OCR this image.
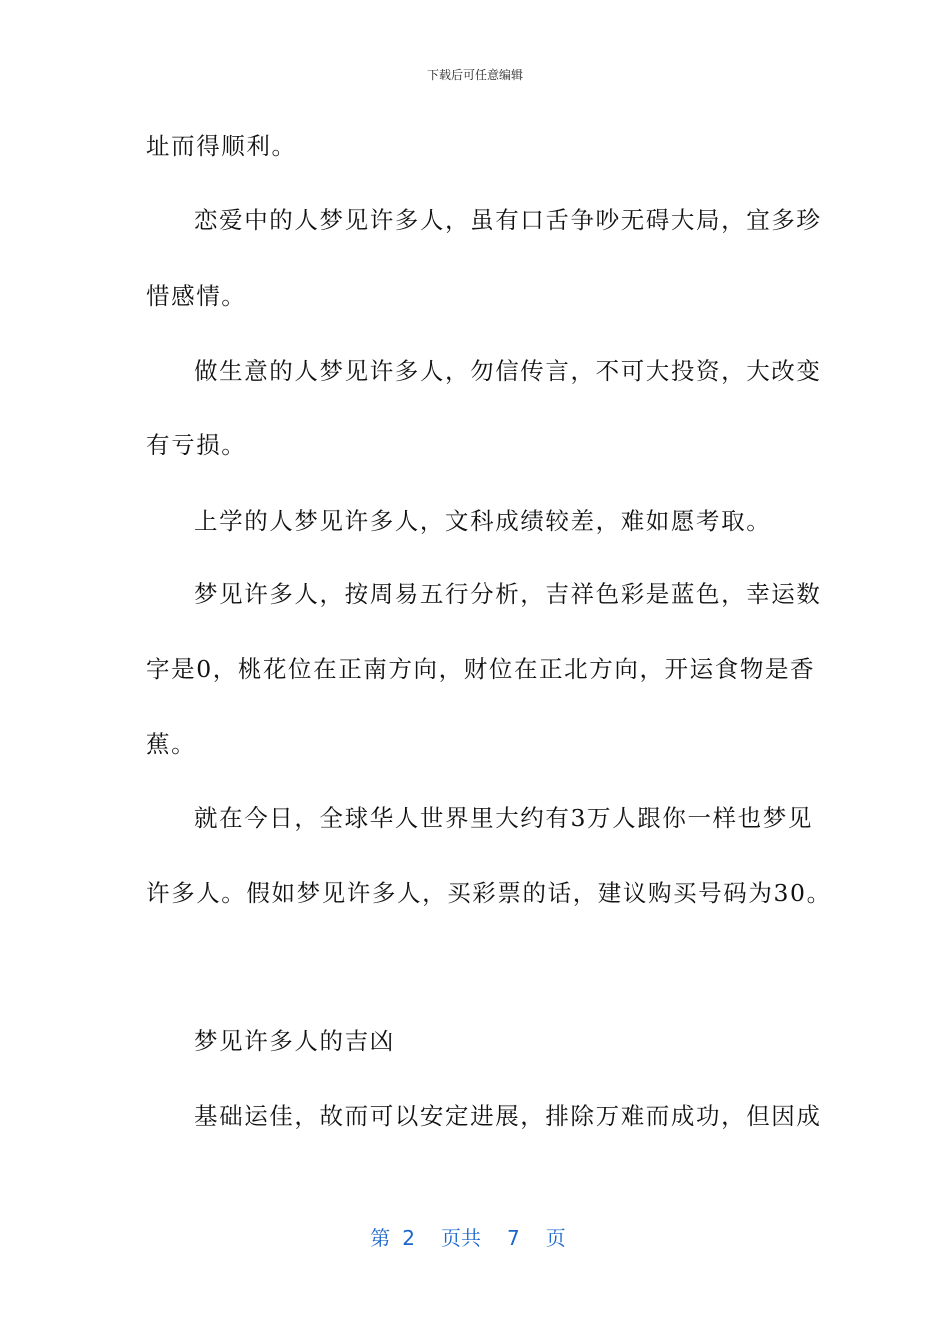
下载后可任意编辑
址而得顺利。
恋爱中的人梦见许多人，虽有口舌争吵无碍大局，宜多珍
惜感情。
做生意的人梦见许多人，勿信传言，不可大投资，大改变
有亏损。
上学的人梦见许多人，文科成绩较差，难如愿考取。
梦见许多人，按周易五行分析，吉祥色彩是蓝色，幸运数
字是0，桃花位在正南方向，财位在正北方向，开运食物是香
蕉。
就在今日，全球华人世界里大约有3万人跟你一样也梦见
许多人。假如梦见许多人，买彩票的话，建议购买号码为30。
梦见许多人的吉凶
基础运佳，故而可以安定进展，排除万难而成功，但因成
第 2 页共 7 页
